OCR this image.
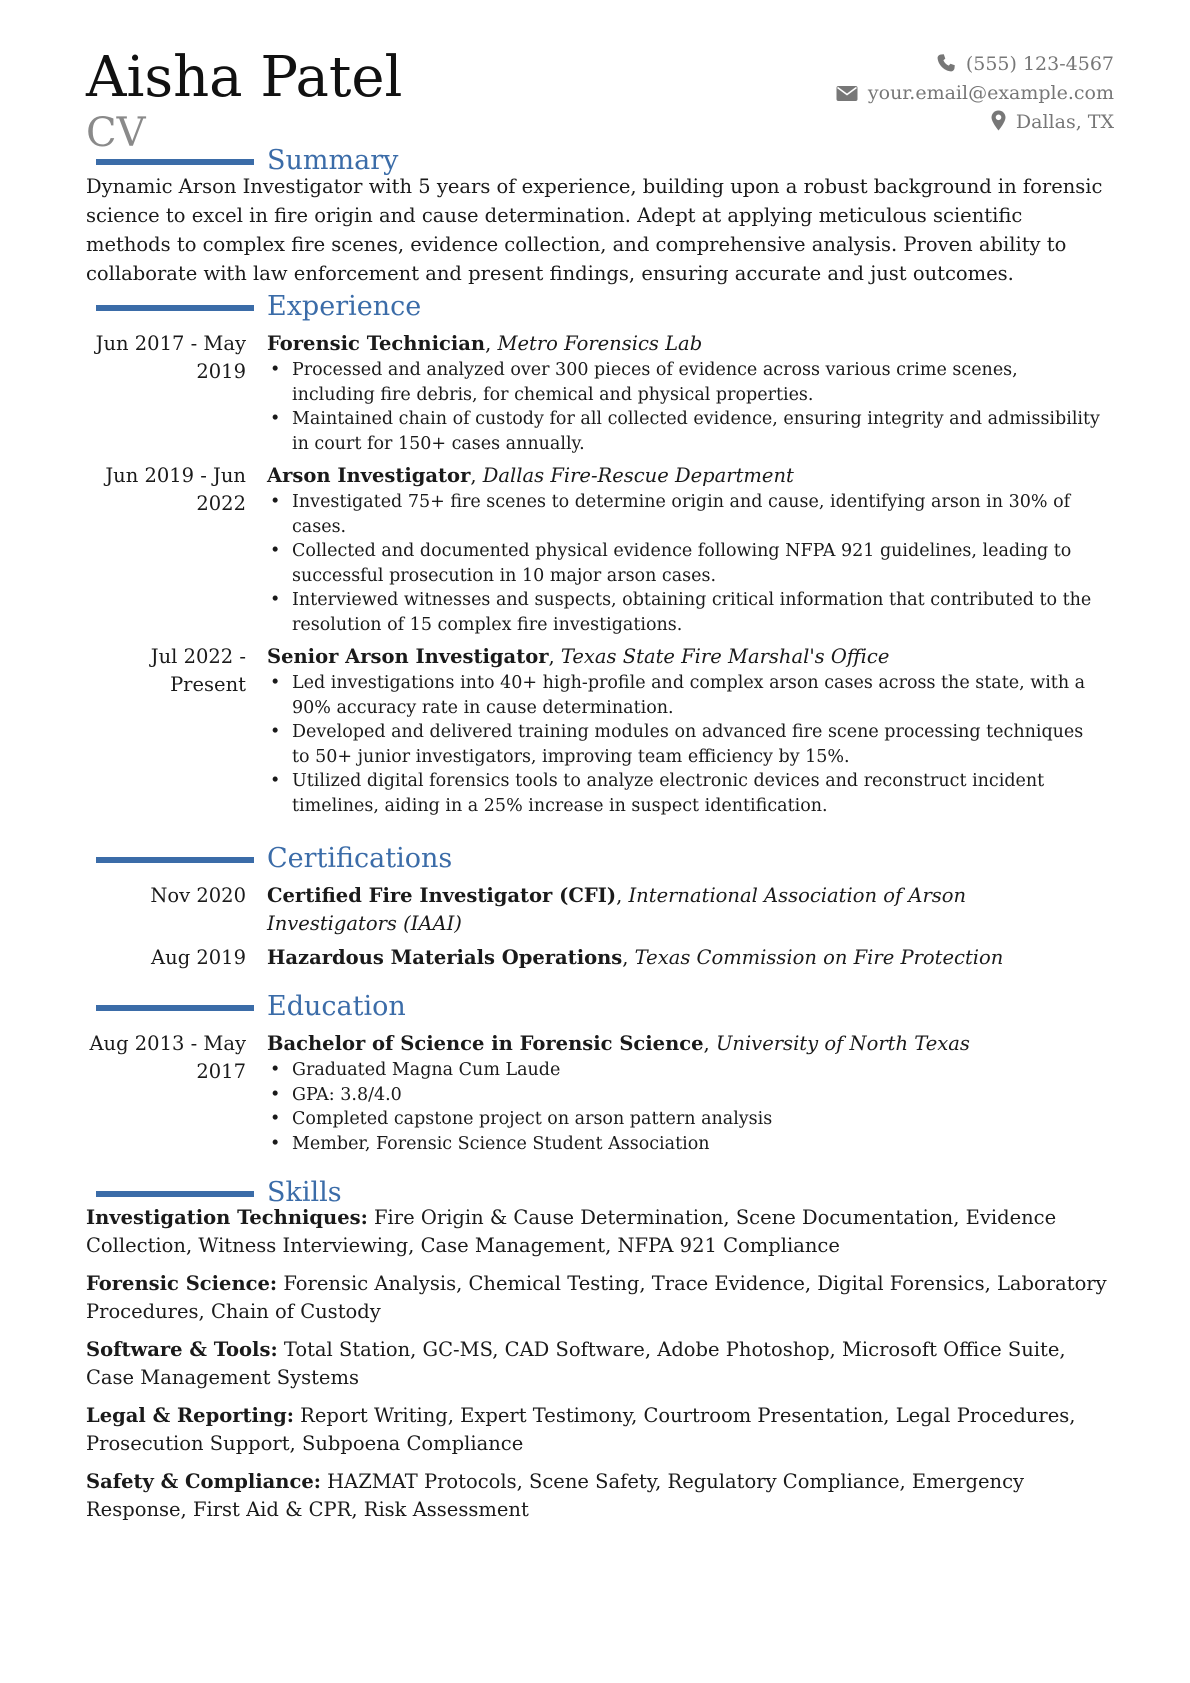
Aisha Patel
CV
(555) 123-4567
your.email@example.com
Dallas, TX
Summary

Dynamic Arson Investigator with 5 years of experience, building upon a robust background in forensic science to excel in fire origin and cause determination. Adept at applying meticulous scientific methods to complex fire scenes, evidence collection, and comprehensive analysis. Proven ability to collaborate with law enforcement and present findings, ensuring accurate and just outcomes.

Experience
Jun 2017 - May 2019
Forensic Technician, Metro Forensics Lab
• Processed and analyzed over 300 pieces of evidence across various crime scenes, including fire debris, for chemical and physical properties.
• Maintained chain of custody for all collected evidence, ensuring integrity and admissibility in court for 150+ cases annually.
Jun 2019 - Jun 2022
Arson Investigator, Dallas Fire-Rescue Department
• Investigated 75+ fire scenes to determine origin and cause, identifying arson in 30% of cases.
• Collected and documented physical evidence following NFPA 921 guidelines, leading to successful prosecution in 10 major arson cases.
• Interviewed witnesses and suspects, obtaining critical information that contributed to the resolution of 15 complex fire investigations.
Jul 2022 - Present
Senior Arson Investigator, Texas State Fire Marshal's Office
• Led investigations into 40+ high-profile and complex arson cases across the state, with a 90% accuracy rate in cause determination.
• Developed and delivered training modules on advanced fire scene processing techniques to 50+ junior investigators, improving team efficiency by 15%.
• Utilized digital forensics tools to analyze electronic devices and reconstruct incident timelines, aiding in a 25% increase in suspect identification.
Certifications
Nov 2020	Certified Fire Investigator (CFI), International Association of Arson Investigators (IAAI)
Aug 2019	Hazardous Materials Operations, Texas Commission on Fire Protection
Education
Aug 2013 - May 2017
Bachelor of Science in Forensic Science, University of North Texas
• Graduated Magna Cum Laude
• GPA: 3.8/4.0
• Completed capstone project on arson pattern analysis
• Member, Forensic Science Student Association
Skills
Investigation Techniques: Fire Origin & Cause Determination, Scene Documentation, Evidence Collection, Witness Interviewing, Case Management, NFPA 921 Compliance
Forensic Science: Forensic Analysis, Chemical Testing, Trace Evidence, Digital Forensics, Laboratory Procedures, Chain of Custody
Software & Tools: Total Station, GC-MS, CAD Software, Adobe Photoshop, Microsoft Office Suite, Case Management Systems
Legal & Reporting: Report Writing, Expert Testimony, Courtroom Presentation, Legal Procedures, Prosecution Support, Subpoena Compliance
Safety & Compliance: HAZMAT Protocols, Scene Safety, Regulatory Compliance, Emergency Response, First Aid & CPR, Risk Assessment
